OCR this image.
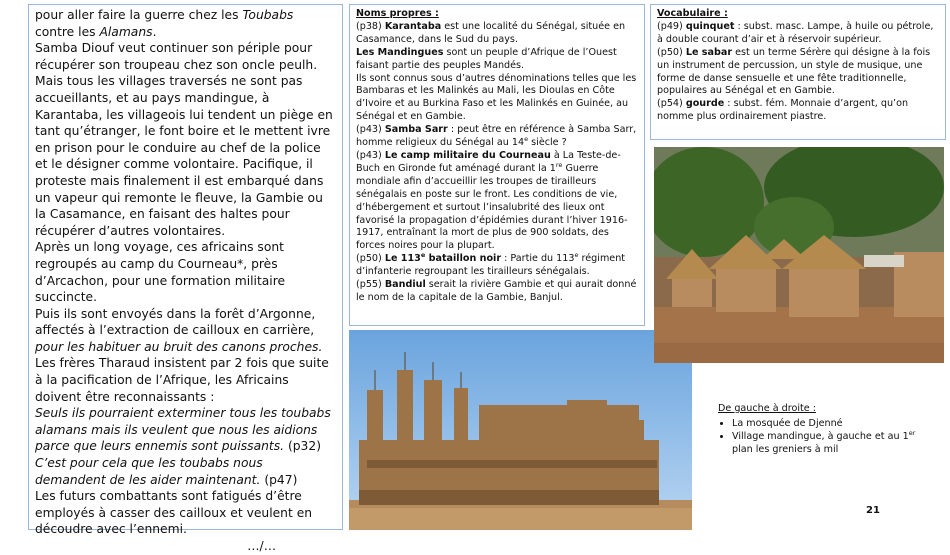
pour aller faire la guerre chez les Toubabs contre les Alamans.

Samba Diouf veut continuer son périple pour récupérer son troupeau chez son oncle peulh. Mais tous les villages traversés ne sont pas accueillants, et au pays mandingue, à Karantaba, les villageois lui tendent un piège en tant qu’étranger, le font boire et le mettent ivre en prison pour le conduire au chef de la police et le désigner comme volontaire. Pacifique, il proteste mais finalement il est embarqué dans un vapeur qui remonte le fleuve, la Gambie ou la Casamance, en faisant des haltes pour récupérer d’autres volontaires.

Après un long voyage, ces africains sont regroupés au camp du Courneau*, près d’Arcachon, pour une formation militaire succincte.

Puis ils sont envoyés dans la forêt d’Argonne, affectés à l’extraction de cailloux en carrière, pour les habituer au bruit des canons proches.

Les frères Tharaud insistent par 2 fois que suite à la pacification de l’Afrique, les Africains doivent être reconnaissants :

Seuls ils pourraient exterminer tous les toubabs alamans mais ils veulent que nous les aidions parce que leurs ennemis sont puissants. (p32)

C’est pour cela que les toubabs nous demandent de les aider maintenant. (p47)

Les futurs combattants sont fatigués d’être employés à casser des cailloux et veulent en découdre avec l’ennemi.

…/…

Noms propres :

(p38) Karantaba est une localité du Sénégal, située en Casamance, dans le Sud du pays.

Les Mandingues sont un peuple d’Afrique de l’Ouest faisant partie des peuples Mandés.

Ils sont connus sous d’autres dénominations telles que les Bambaras et les Malinkés au Mali, les Dioulas en Côte d’Ivoire et au Burkina Faso et les Malinkés en Guinée, au Sénégal et en Gambie.

(p43) Samba Sarr : peut être en référence à Samba Sarr, homme religieux du Sénégal au 14e siècle ?

(p43) Le camp militaire du Courneau à La Teste-de-Buch en Gironde fut aménagé durant la 1re Guerre mondiale afin d’accueillir les troupes de tirailleurs sénégalais en poste sur le front. Les conditions de vie, d’hébergement et surtout l’insalubrité des lieux ont favorisé la propagation d’épidémies durant l’hiver 1916-1917, entraînant la mort de plus de 900 soldats, des forces noires pour la plupart.

(p50) Le 113e bataillon noir : Partie du 113e régiment d’infanterie regroupant les tirailleurs sénégalais.

(p55) Bandiul serait la rivière Gambie et qui aurait donné le nom de la capitale de la Gambie, Banjul.

Vocabulaire :

(p49) quinquet : subst. masc. Lampe, à huile ou pétrole, à double courant d’air et à réservoir supérieur.

(p50) Le sabar est un terme Sérère qui désigne à la fois un instrument de percussion, un style de musique, une forme de danse sensuelle et une fête traditionnelle, populaires au Sénégal et en Gambie.

(p54) gourde : subst. fém. Monnaie d’argent, qu’on nomme plus ordinairement piastre.

De gauche à droite :
• La mosquée de Djenné
• Village mandingue, à gauche et au 1er
plan les greniers à mil
21
